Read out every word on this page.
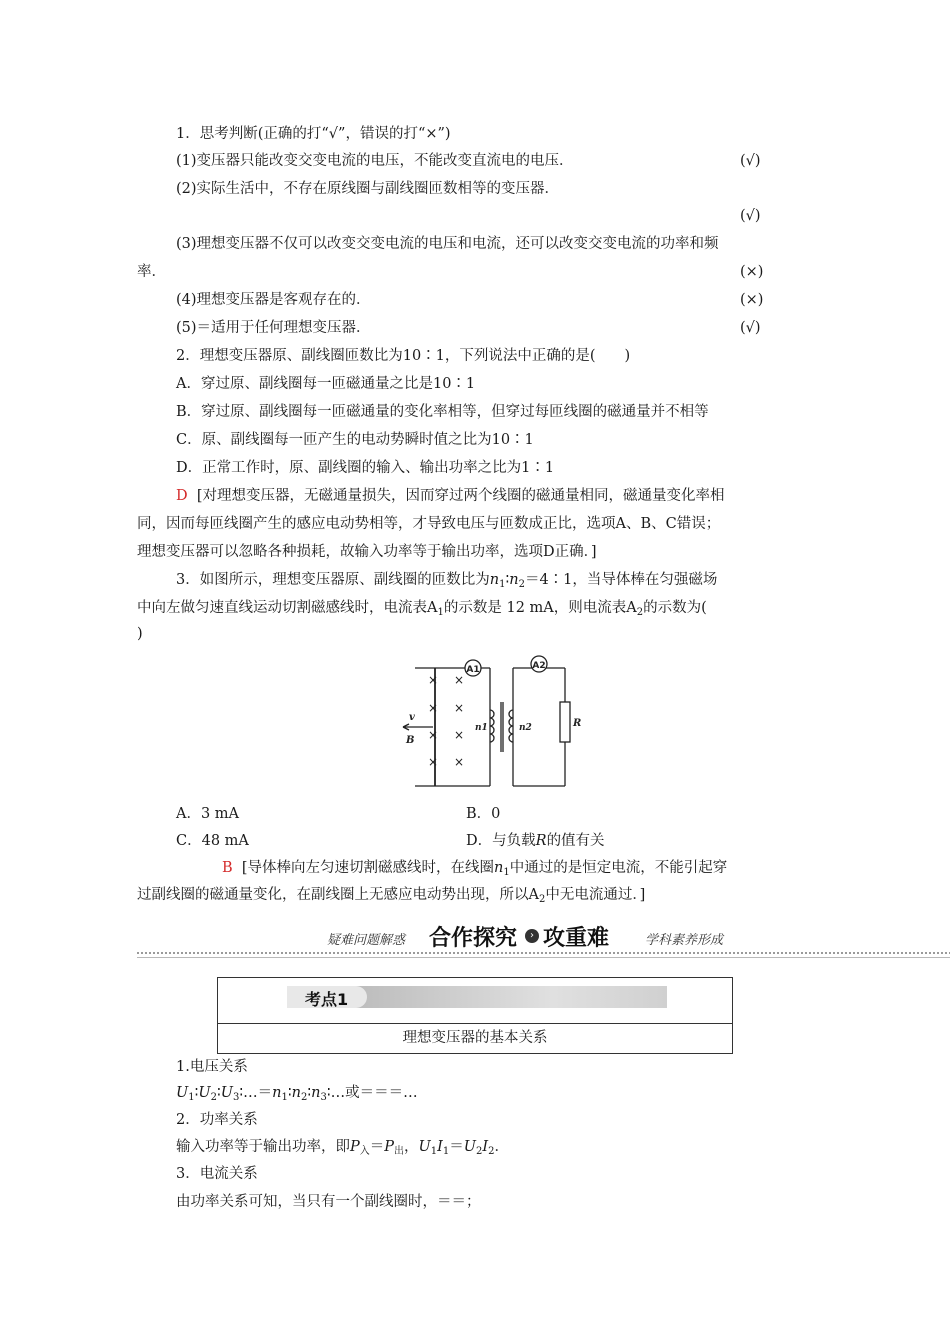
1．思考判断(正确的打“√”，错误的打“×”)
(1)变压器只能改变交变电流的电压，不能改变直流电的电压．	(√)
(2)实际生活中，不存在原线圈与副线圈匝数相等的变压器．
(√)
(3)理想变压器不仅可以改变交变电流的电压和电流，还可以改变交变电流的功率和频
率．	(×)
(4)理想变压器是客观存在的．	(×)
(5)＝适用于任何理想变压器．	(√)
2．理想变压器原、副线圈匝数比为10∶1，下列说法中正确的是(　　)
A．穿过原、副线圈每一匝磁通量之比是10∶1
B．穿过原、副线圈每一匝磁通量的变化率相等，但穿过每匝线圈的磁通量并不相等
C．原、副线圈每一匝产生的电动势瞬时值之比为10∶1
D．正常工作时，原、副线圈的输入、输出功率之比为1∶1
D [对理想变压器，无磁通量损失，因而穿过两个线圈的磁通量相同，磁通量变化率相
同，因而每匝线圈产生的感应电动势相等，才导致电压与匝数成正比，选项A、B、C错误；
理想变压器可以忽略各种损耗，故输入功率等于输出功率，选项D正确．]
3．如图所示，理想变压器原、副线圈的匝数比为$n_1∶n_2=4∶1$，当导体棒在匀强磁场
中向左做匀速直线运动切割磁感线时，电流表$A_1$的示数是 12 mA，则电流表$A_2$的示数为(
)
A1	A2
v
B
n1	n2	R
× ×
× ×
× ×
× ×
A．3 mA	B．0
C．48 mA	D．与负载R的值有关
B [导体棒向左匀速切割磁感线时，在线圈$n_1$中通过的是恒定电流，不能引起穿
过副线圈的磁通量变化，在副线圈上无感应电动势出现，所以$A_2$中无电流通过．]
疑难问题解惑 合作探究	› 攻重难	学科素养形成
考点1
理想变压器的基本关系
1.电压关系
$U_1∶U_2∶U_3∶\dots=n_1∶n_2∶n_3∶\dots$或＝＝＝…
2．功率关系
输入功率等于输出功率，即$P_入=P_出$，$U_1I_1=U_2I_2$．
3．电流关系
由功率关系可知，当只有一个副线圈时，＝＝；
